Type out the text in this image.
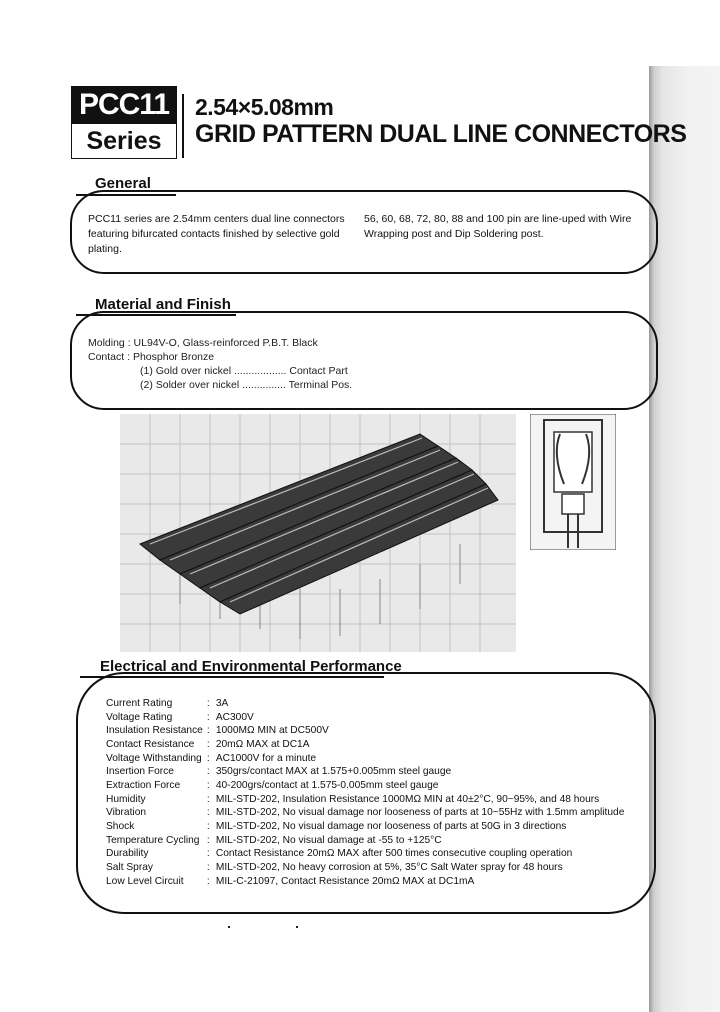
PCC11
Series
2.54×5.08mm
GRID PATTERN DUAL LINE CONNECTORS
General
PCC11 series are 2.54mm centers dual line connectors featuring bifurcated contacts finished by selective gold plating.
56, 60, 68, 72, 80, 88 and 100 pin are line-uped with Wire Wrapping post and Dip Soldering post.
Material and Finish
Molding : UL94V-O, Glass-reinforced P.B.T. Black
Contact : Phosphor Bronze
(1) Gold over nickel .................. Contact Part
(2) Solder over nickel ............... Terminal Pos.
Electrical and Environmental Performance
Current Rating	:	3A
Voltage Rating	:	AC300V
Insulation Resistance	:	1000MΩ MIN at DC500V
Contact Resistance	:	20mΩ MAX at DC1A
Voltage Withstanding	:	AC1000V for a minute
Insertion Force	:	350grs/contact MAX at 1.575+0.005mm steel gauge
Extraction Force	:	40-200grs/contact at 1.575-0.005mm steel gauge
Humidity	:	MIL-STD-202, Insulation Resistance 1000MΩ MIN at 40±2°C, 90~95%, and 48 hours
Vibration	:	MIL-STD-202, No visual damage nor looseness of parts at 10~55Hz with 1.5mm amplitude
Shock	:	MIL-STD-202, No visual damage nor looseness of parts at 50G in 3 directions
Temperature Cycling	:	MIL-STD-202, No visual damage at -55 to +125°C
Durability	:	Contact Resistance 20mΩ MAX after 500 times consecutive coupling operation
Salt Spray	:	MIL-STD-202, No heavy corrosion at 5%, 35°C Salt Water spray for 48 hours
Low Level Circuit	:	MIL-C-21097, Contact Resistance 20mΩ MAX at DC1mA
